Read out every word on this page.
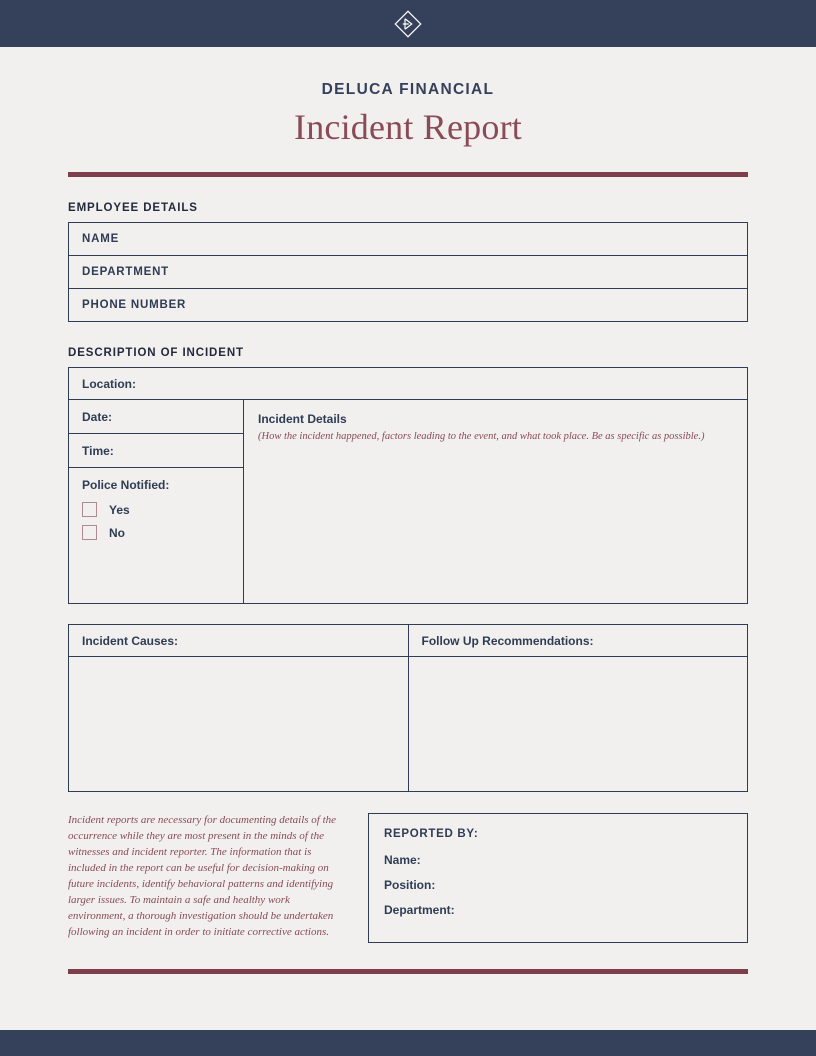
DELUCA FINANCIAL
Incident Report
EMPLOYEE DETAILS
NAME
DEPARTMENT
PHONE NUMBER
DESCRIPTION OF INCIDENT
Location:
Date:
Time:
Police Notified:
Yes
No
Incident Details
(How the incident happened, factors leading to the event, and what took place. Be as specific as possible.)
Incident Causes:	Follow Up Recommendations:
Incident reports are necessary for documenting details of the occurrence while they are most present in the minds of the witnesses and incident reporter. The information that is included in the report can be useful for decision-making on future incidents, identify behavioral patterns and identifying larger issues. To maintain a safe and healthy work environment, a thorough investigation should be undertaken following an incident in order to initiate corrective actions.
REPORTED BY:
Name:
Position:
Department:
